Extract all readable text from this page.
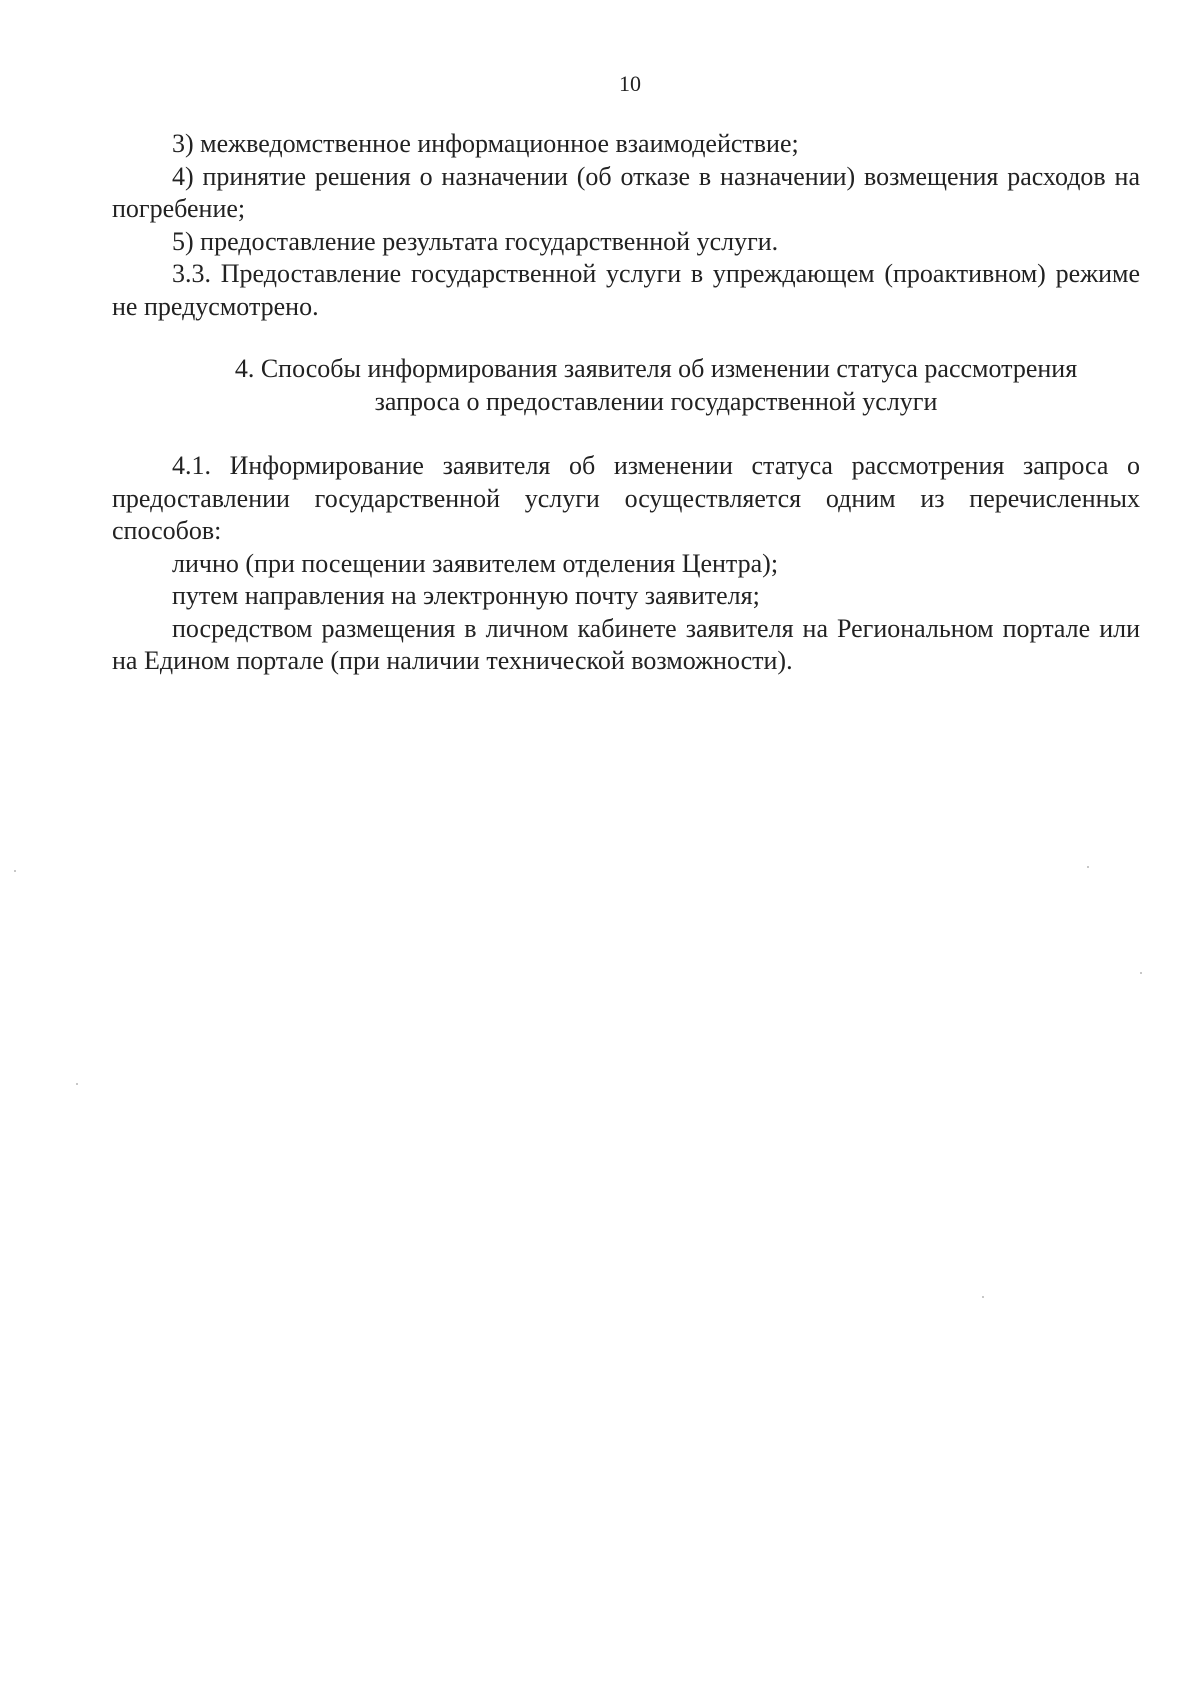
10

3) межведомственное информационное взаимодействие;

4) принятие решения о назначении (об отказе в назначении) возмещения расходов на погребение;

5) предоставление результата государственной услуги.

3.3. Предоставление государственной услуги в упреждающем (проактивном) режиме не предусмотрено.

4. Способы информирования заявителя об изменении статуса рассмотрения
запроса о предоставлении государственной услуги

4.1. Информирование заявителя об изменении статуса рассмотрения запроса о предоставлении государственной услуги осуществляется одним из перечисленных способов:

лично (при посещении заявителем отделения Центра);

путем направления на электронную почту заявителя;

посредством размещения в личном кабинете заявителя на Региональном портале или на Едином портале (при наличии технической возможности).
